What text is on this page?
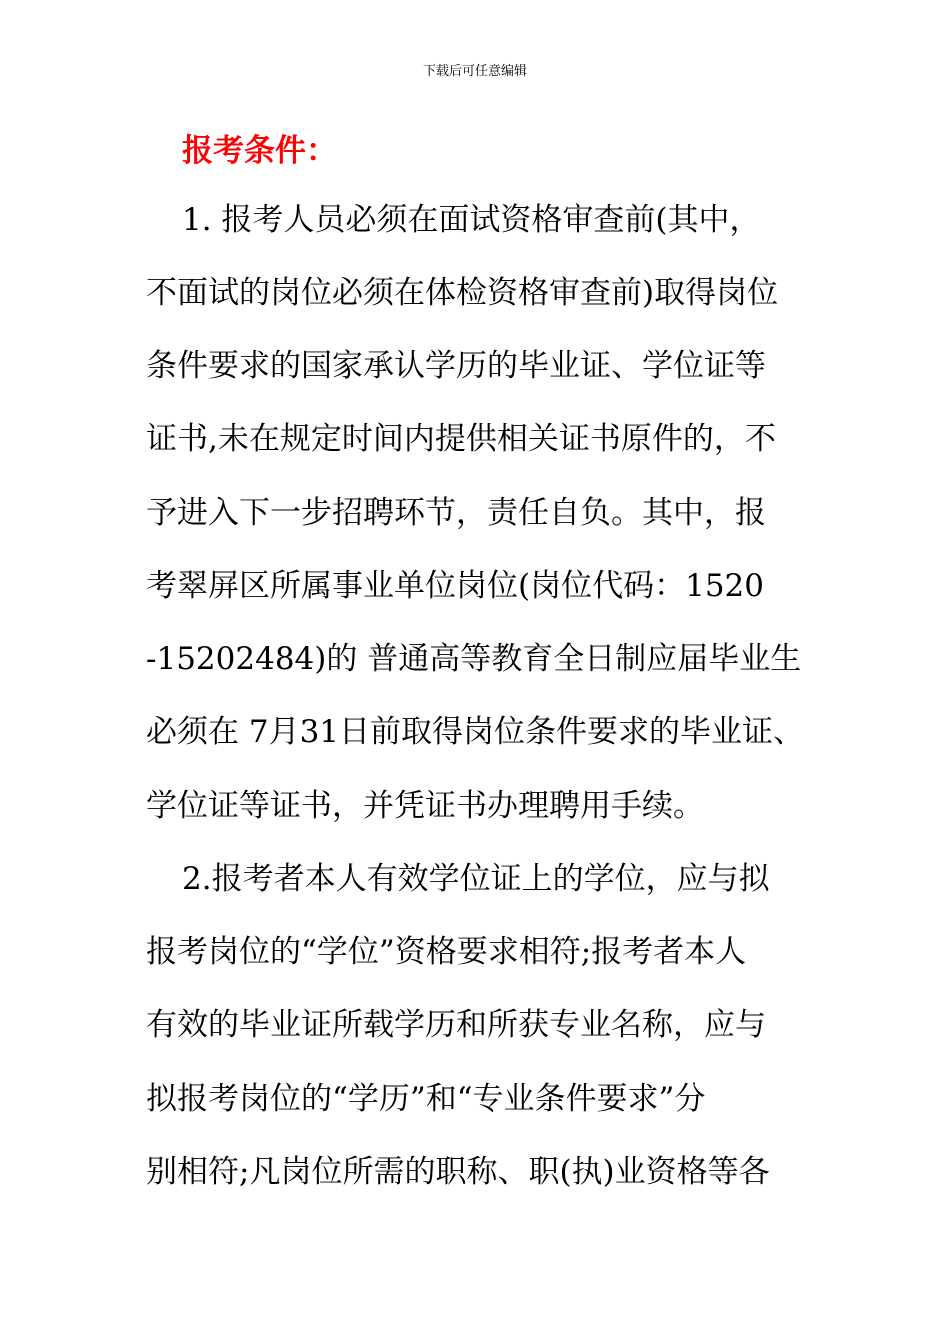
下载后可任意编辑
报考条件：
1. 报考人员必须在面试资格审查前(其中，
不面试的岗位必须在体检资格审查前)取得岗位
条件要求的国家承认学历的毕业证、学位证等
证书,未在规定时间内提供相关证书原件的，不
予进入下一步招聘环节，责任自负。其中，报
考翠屏区所属事业单位岗位(岗位代码：1520
-15202484)的 普通高等教育全日制应届毕业生
必须在 7月31日前取得岗位条件要求的毕业证、
学位证等证书，并凭证书办理聘用手续。
2.报考者本人有效学位证上的学位，应与拟
报考岗位的“学位”资格要求相符;报考者本人
有效的毕业证所载学历和所获专业名称，应与
拟报考岗位的“学历”和“专业条件要求”分
别相符;凡岗位所需的职称、职(执)业资格等各
